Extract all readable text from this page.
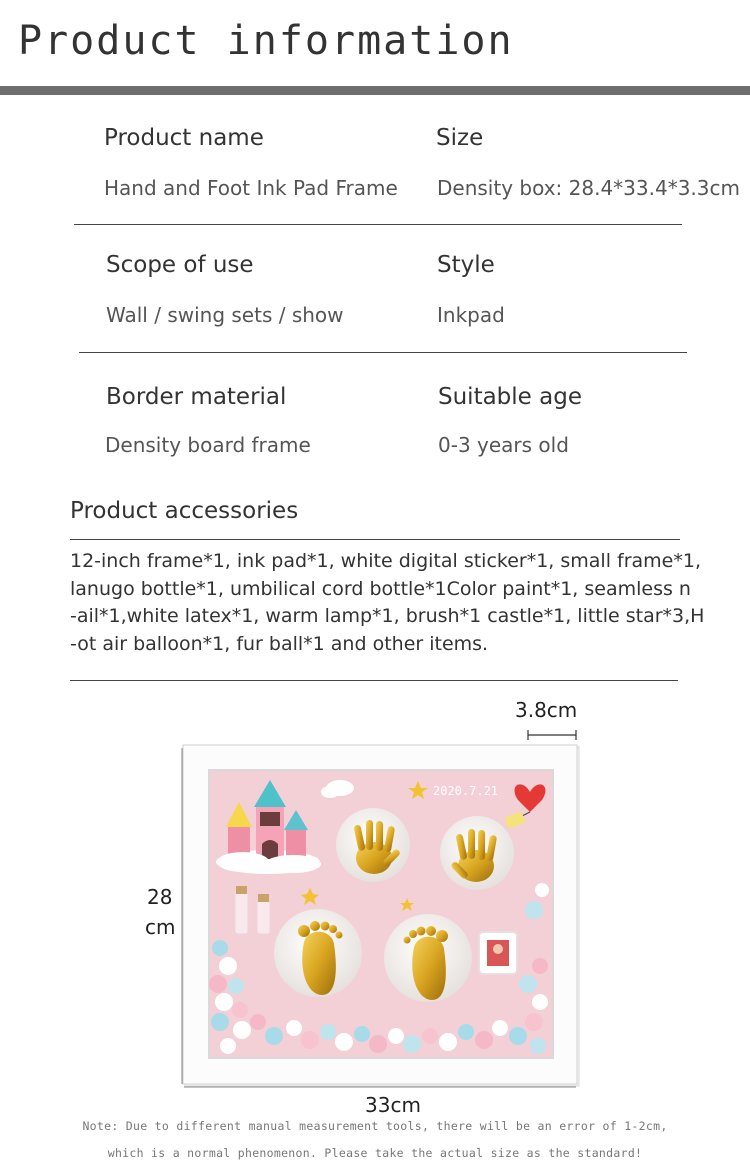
Product information
Product name
Hand and Foot Ink Pad Frame
Size
Density box: 28.4*33.4*3.3cm
Scope of use
Wall / swing sets / show
Style
Inkpad
Border material
Density board frame
Suitable age
0-3 years old
Product accessories
12-inch frame*1, ink pad*1, white digital sticker*1, small frame*1,
lanugo bottle*1, umbilical cord bottle*1Color paint*1, seamless n
-ail*1,white latex*1, warm lamp*1, brush*1 castle*1, little star*3,H
-ot air balloon*1, fur ball*1 and other items.
3.8cm
28
cm
33cm
2020.7.21
Note: Due to different manual measurement tools, there will be an error of 1-2cm,
which is a normal phenomenon. Please take the actual size as the standard!
